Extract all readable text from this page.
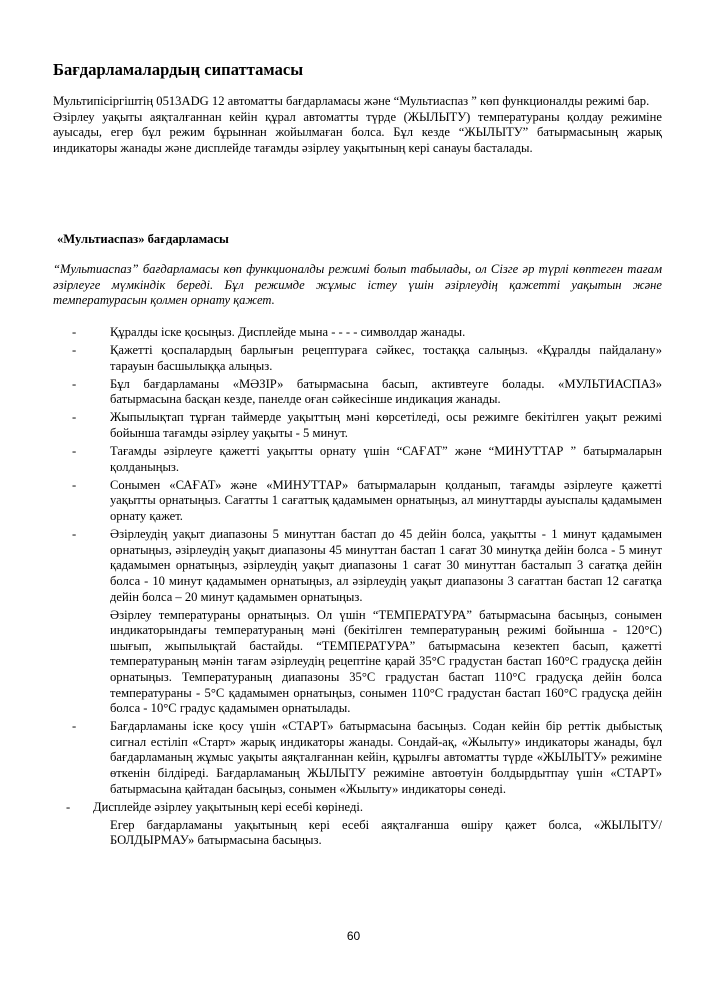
Бағдарламалардың сипаттамасы

Мультипісіргіштің 0513ADG 12 автоматты бағдарламасы және “Мультиаспаз ” көп функционалды режимі бар.

Әзірлеу уақыты аяқталғаннан кейін құрал автоматты түрде (ЖЫЛЫТУ) температураны қолдау режиміне ауысады, егер бұл режим бұрыннан жойылмаған болса. Бұл кезде “ЖЫЛЫТУ” батырмасының жарық индикаторы жанады және дисплейде тағамды әзірлеу уақытының кері санауы басталады.

«Мультиаспаз» бағдарламасы

“Мультиаспаз” бағдарламасы көп функционалды режимі болып табылады, ол Сізге әр түрлі көптеген тағам әзірлеуге мүмкіндік береді. Бұл режимде жұмыс істеу үшін әзірлеудің қажетті уақытын және температурасын қолмен орнату қажет.

-	Құралды іске қосыңыз. Дисплейде мына - - - - символдар жанады.

-	Қажетті қоспалардың барлығын рецептураға сәйкес, тостаққа салыңыз. «Құралды пайдалану» тарауын басшылыққа алыңыз.

-	Бұл бағдарламаны «МӘЗІР» батырмасына басып, активтеуге болады. «МУЛЬТИАСПАЗ» батырмасына басқан кезде, панелде оған сәйкесінше индикация жанады.

-	Жыпылықтап тұрған таймерде уақыттың мәні көрсетіледі, осы режимге бекітілген уақыт режимі бойынша тағамды әзірлеу уақыты - 5 минут.

-	Тағамды әзірлеуге қажетті уақытты орнату үшін “САҒАТ” және “МИНУТТАР ” батырмаларын қолданыңыз.

-	Сонымен «САҒАТ» және «МИНУТТАР» батырмаларын қолданып, тағамды әзірлеуге қажетті уақытты орнатыңыз. Сағатты 1 сағаттық қадамымен орнатыңыз, ал минуттарды ауыспалы қадамымен орнату қажет.

-	Әзірлеудің уақыт диапазоны 5 минуттан бастап до 45 дейін болса, уақытты - 1 минут қадамымен орнатыңыз, әзірлеудің уақыт диапазоны 45 минуттан бастап 1 сағат 30 минутқа дейін болса - 5 минут қадамымен орнатыңыз, әзірлеудің уақыт диапазоны 1 сағат 30 минуттан басталып 3 сағатқа дейін болса - 10 минут қадамымен орнатыңыз, ал әзірлеудің уақыт диапазоны 3 сағаттан бастап 12 сағатқа дейін болса – 20 минут қадамымен орнатыңыз.

Әзірлеу температураны орнатыңыз. Ол үшін “ТЕМПЕРАТУРА” батырмасына басыңыз, сонымен индикаторындағы температураның мәні (бекітілген температураның режимі бойынша - 120°С) шығып, жыпылықтай бастайды. “ТЕМПЕРАТУРА” батырмасына кезектеп басып, қажетті температураның мәнін тағам әзірлеудің рецептіне қарай 35°С градустан бастап 160°С градусқа дейін орнатыңыз. Температураның диапазоны 35°С градустан бастап 110°С градусқа дейін болса температураны - 5°С қадамымен орнатыңыз, сонымен 110°С градустан бастап 160°С градусқа дейін болса - 10°С градус қадамымен орнатылады.

-	Бағдарламаны іске қосу үшін «СТАРТ» батырмасына басыңыз. Содан кейін бір реттік дыбыстық сигнал естіліп «Старт» жарық индикаторы жанады. Сондай-ақ, «Жылыту» индикаторы жанады, бұл бағдарламаның жұмыс уақыты аяқталғаннан кейін, құрылғы автоматты түрде «ЖЫЛЫТУ» режиміне өткенін білдіреді. Бағдарламаның ЖЫЛЫТУ режиміне автоөтуін болдырдытпау үшін «СТАРТ» батырмасына қайтадан басыңыз, сонымен «Жылыту» индикаторы сөнеді.

- Дисплейде әзірлеу уақытының кері есебі көрінеді.

Егер бағдарламаны уақытының кері есебі аяқталғанша өшіру қажет болса, «ЖЫЛЫТУ/БОЛДЫРМАУ» батырмасына басыңыз.

60
